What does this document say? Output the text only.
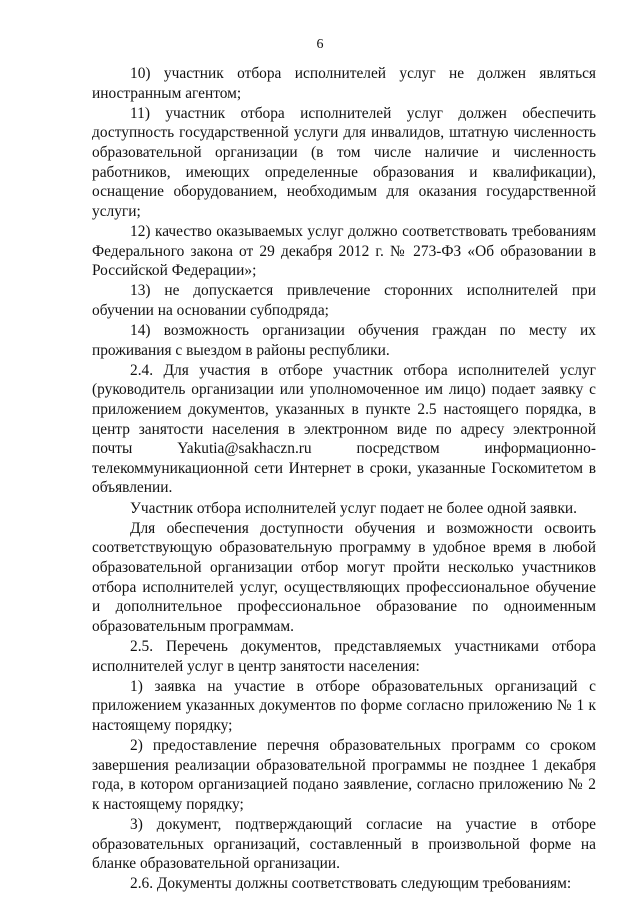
6

10) участник отбора исполнителей услуг не должен являться иностранным агентом;

11) участник отбора исполнителей услуг должен обеспечить доступность государственной услуги для инвалидов, штатную численность образовательной организации (в том числе наличие и численность работников, имеющих определенные образования и квалификации), оснащение оборудованием, необходимым для оказания государственной услуги;

12) качество оказываемых услуг должно соответствовать требованиям Федерального закона от 29 декабря 2012 г. № 273-ФЗ «Об образовании в Российской Федерации»;

13) не допускается привлечение сторонних исполнителей при обучении на основании субподряда;

14) возможность организации обучения граждан по месту их проживания с выездом в районы республики.

2.4. Для участия в отборе участник отбора исполнителей услуг (руководитель организации или уполномоченное им лицо) подает заявку с приложением документов, указанных в пункте 2.5 настоящего порядка, в центр занятости населения в электронном виде по адресу электронной почты Yakutia@sakhaczn.ru посредством информационно-телекоммуникационной сети Интернет в сроки, указанные Госкомитетом в объявлении.

Участник отбора исполнителей услуг подает не более одной заявки.

Для обеспечения доступности обучения и возможности освоить соответствующую образовательную программу в удобное время в любой образовательной организации отбор могут пройти несколько участников отбора исполнителей услуг, осуществляющих профессиональное обучение и дополнительное профессиональное образование по одноименным образовательным программам.

2.5. Перечень документов, представляемых участниками отбора исполнителей услуг в центр занятости населения:

1) заявка на участие в отборе образовательных организаций с приложением указанных документов по форме согласно приложению № 1 к настоящему порядку;

2) предоставление перечня образовательных программ со сроком завершения реализации образовательной программы не позднее 1 декабря года, в котором организацией подано заявление, согласно приложению № 2 к настоящему порядку;

3) документ, подтверждающий согласие на участие в отборе образовательных организаций, составленный в произвольной форме на бланке образовательной организации.

2.6. Документы должны соответствовать следующим требованиям:
